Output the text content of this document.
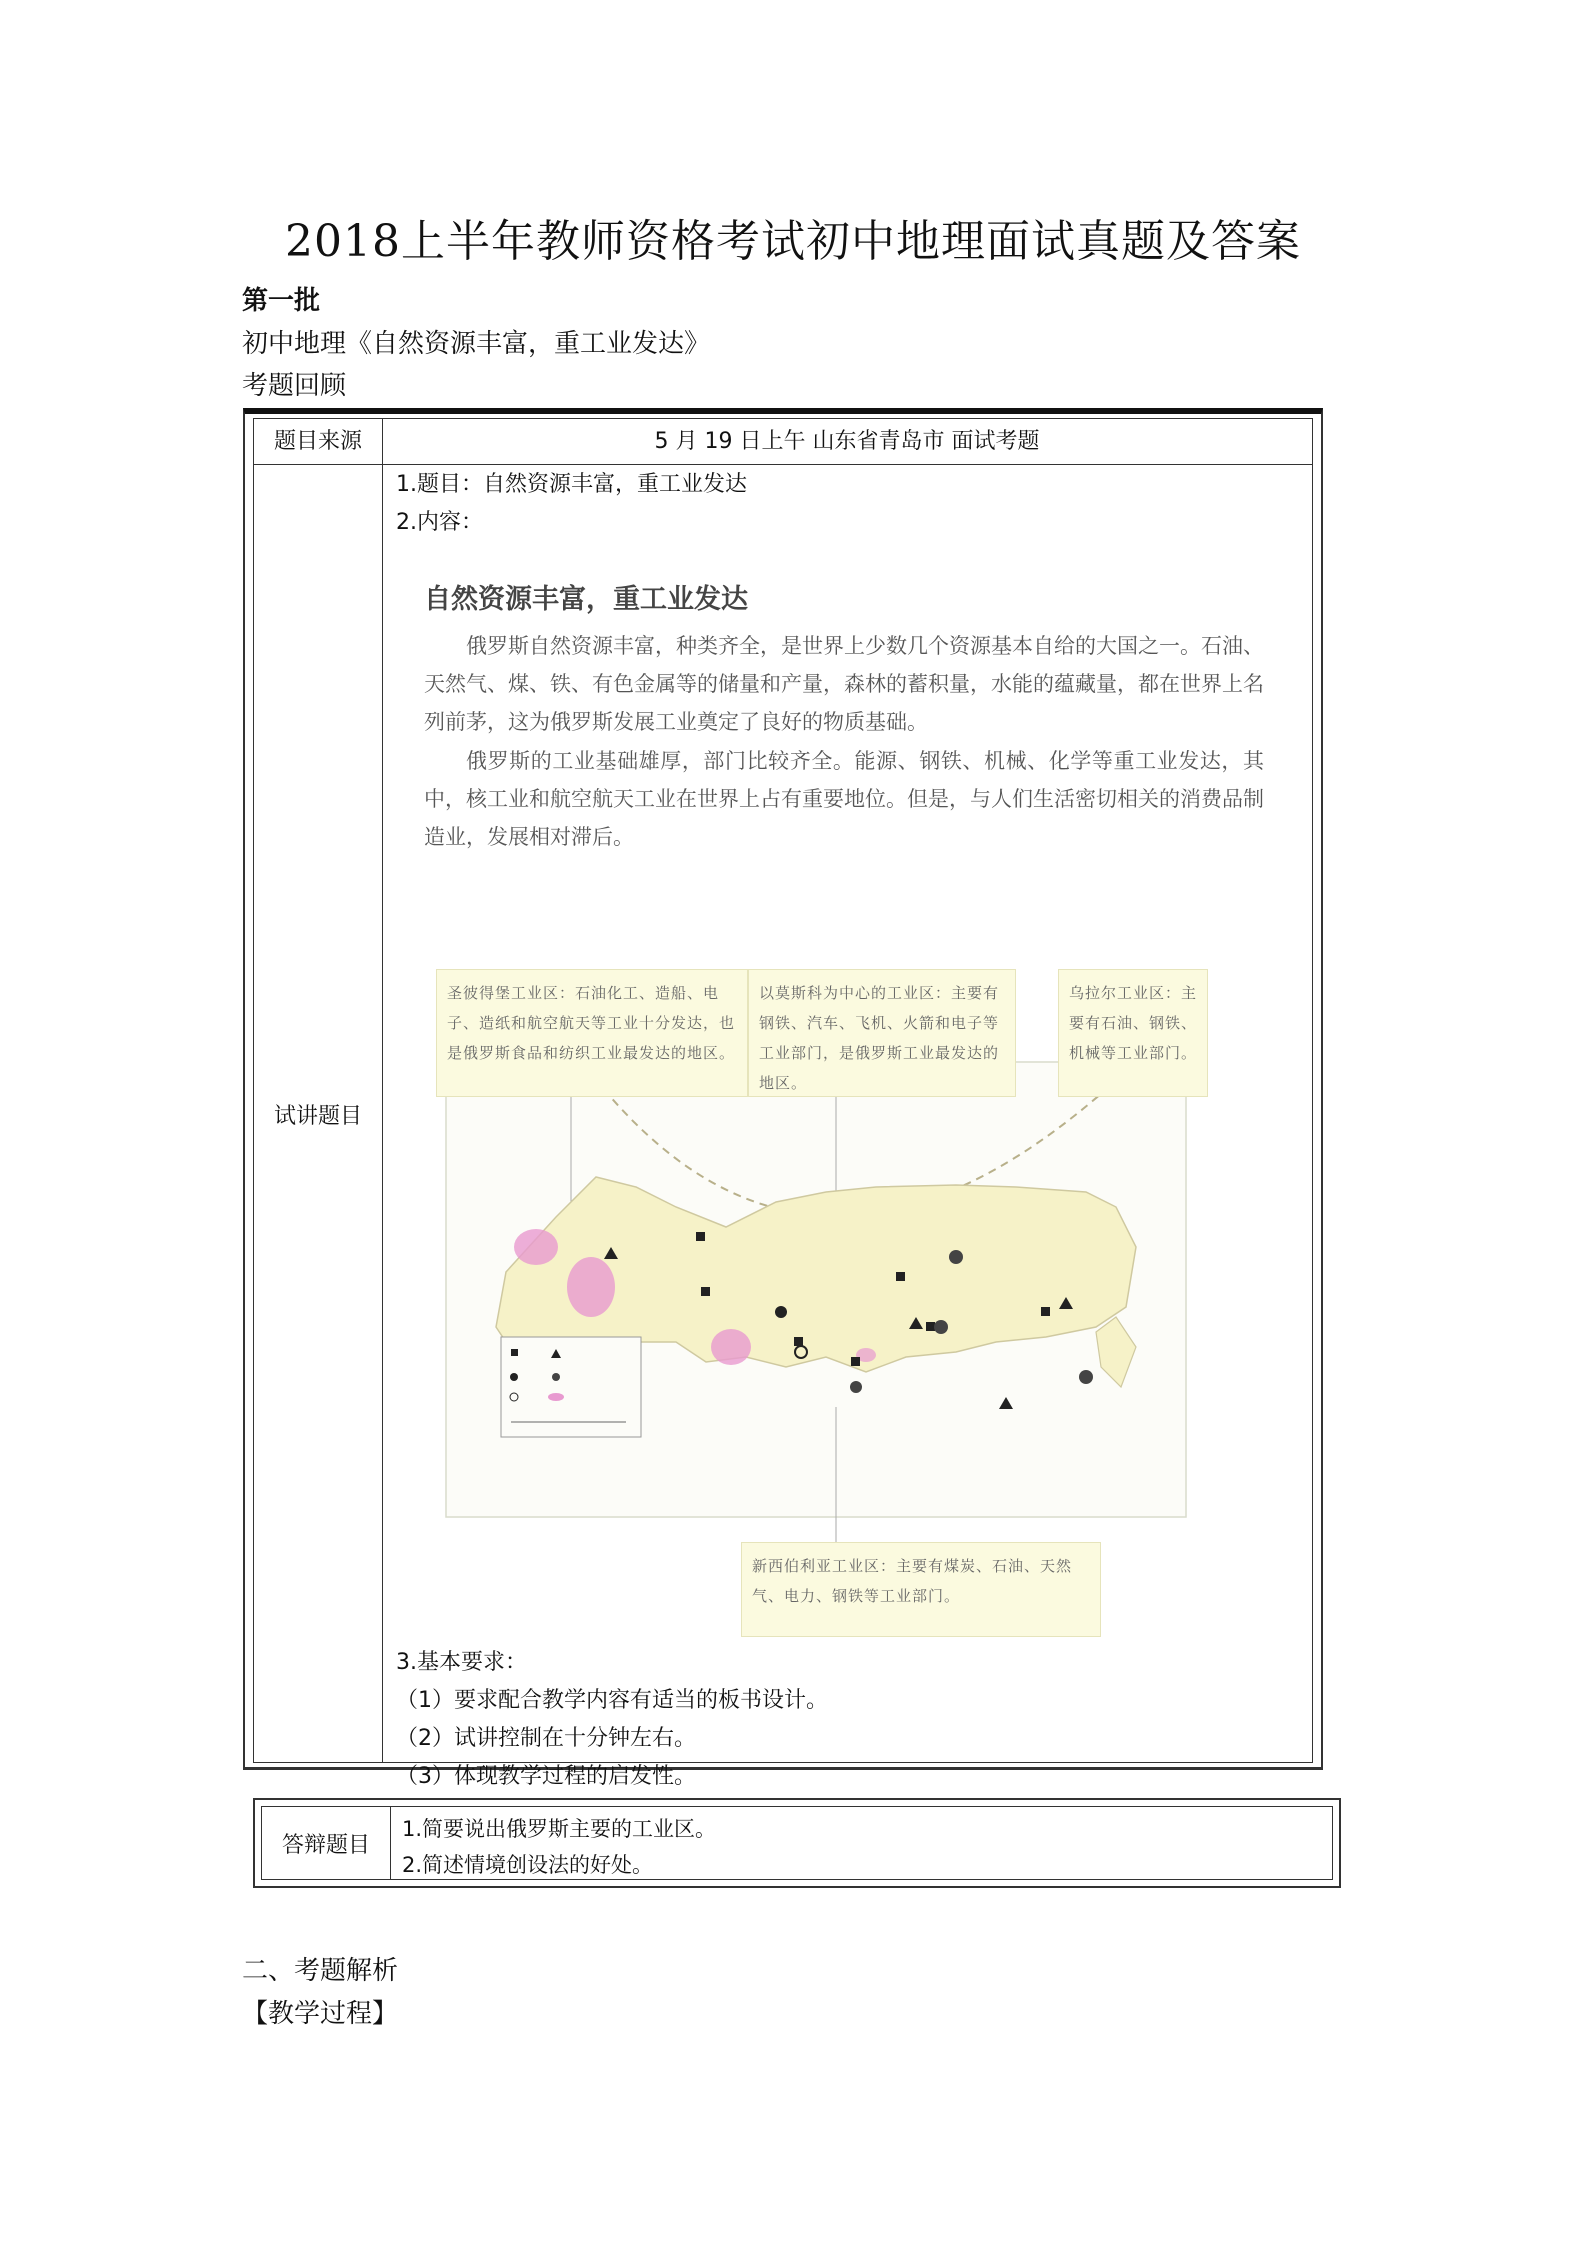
2018上半年教师资格考试初中地理面试真题及答案
第一批
初中地理《自然资源丰富，重工业发达》
考题回顾
题目来源	5 月 19 日上午 山东省青岛市 面试考题
试讲题目
1.题目：自然资源丰富，重工业发达
2.内容：
自然资源丰富，重工业发达
俄罗斯自然资源丰富，种类齐全，是世界上少数几个资源基本自给的大国之一。石油、天然气、煤、铁、有色金属等的储量和产量，森林的蓄积量，水能的蕴藏量，都在世界上名列前茅，这为俄罗斯发展工业奠定了良好的物质基础。
俄罗斯的工业基础雄厚，部门比较齐全。能源、钢铁、机械、化学等重工业发达，其中，核工业和航空航天工业在世界上占有重要地位。但是，与人们生活密切相关的消费品制造业，发展相对滞后。
圣彼得堡工业区：石油化工、造船、电子、造纸和航空航天等工业十分发达，也是俄罗斯食品和纺织工业最发达的地区。
以莫斯科为中心的工业区：主要有钢铁、汽车、飞机、火箭和电子等工业部门，是俄罗斯工业最发达的地区。
乌拉尔工业区：主要有石油、钢铁、机械等工业部门。
新西伯利亚工业区：主要有煤炭、石油、天然气、电力、钢铁等工业部门。
3.基本要求：
（1）要求配合教学内容有适当的板书设计。
（2）试讲控制在十分钟左右。
（3）体现教学过程的启发性。
答辩题目
1.简要说出俄罗斯主要的工业区。
2.简述情境创设法的好处。
二、考题解析
【教学过程】
